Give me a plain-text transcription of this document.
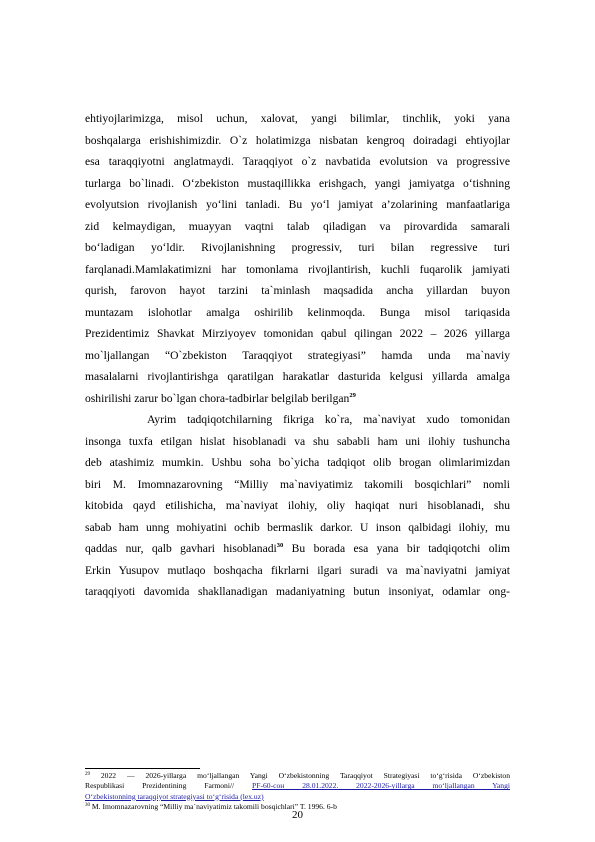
ehtiyojlarimizga, misol uchun, xalovat, yangi bilimlar, tinchlik, yoki yana
boshqalarga erishishimizdir. O`z holatimizga nisbatan kengroq doiradagi ehtiyojlar
esa taraqqiyotni anglatmaydi. Taraqqiyot o`z navbatida evolutsion va progressive
turlarga bo`linadi. O‘zbekiston mustaqillikka erishgach, yangi jamiyatga o‘tishning
evolyutsion rivojlanish yo‘lini tanladi. Bu yo‘l jamiyat a’zolarining manfaatlariga
zid kelmaydigan, muayyan vaqtni talab qiladigan va pirovardida samarali
bo‘ladigan yo‘ldir. Rivojlanishning progressiv, turi bilan regressive turi
farqlanadi.Mamlakatimizni har tomonlama rivojlantirish, kuchli fuqarolik jamiyati
qurish, farovon hayot tarzini ta`minlash maqsadida ancha yillardan buyon
muntazam islohotlar amalga oshirilib kelinmoqda. Bunga misol tariqasida
Prezidentimiz Shavkat Mirziyoyev tomonidan qabul qilingan 2022 – 2026 yillarga
mo`ljallangan “O`zbekiston Taraqqiyot strategiyasi” hamda unda ma`naviy
masalalarni rivojlantirishga qaratilgan harakatlar dasturida kelgusi yillarda amalga
oshirilishi zarur bo`lgan chora-tadbirlar belgilab berilgan$^{29}$
Ayrim tadqiqotchilarning fikriga ko`ra, ma`naviyat xudo tomonidan
insonga tuxfa etilgan hislat hisoblanadi va shu sababli ham uni ilohiy tushuncha
deb atashimiz mumkin. Ushbu soha bo`yicha tadqiqot olib brogan olimlarimizdan
biri M. Imomnazarovning “Milliy ma`naviyatimiz takomili bosqichlari” nomli
kitobida qayd etilishicha, ma`naviyat ilohiy, oliy haqiqat nuri hisoblanadi, shu
sabab ham unng mohiyatini ochib bermaslik darkor. U inson qalbidagi ilohiy, mu
qaddas nur, qalb gavhari hisoblanadi$^{30}$ Bu borada esa yana bir tadqiqotchi olim
Erkin Yusupov mutlaqo boshqacha fikrlarni ilgari suradi va ma`naviyatni jamiyat
taraqqiyoti davomida shakllanadigan madaniyatning butun insoniyat, odamlar ong-
$^{29}$ 2022 — 2026-yillarga mo‘ljallangan Yangi O‘zbekistonning Taraqqiyot Strategiyasi to‘g‘risida O‘zbekiston
Respublikasi Prezidentining Farmoni// PF-60-сон 28.01.2022. 2022-2026-yillarga mo‘ljallangan Yangi
O‘zbekistonning taraqqiyot strategiyasi to‘g‘risida (lex.uz)
$^{30}$ M. Imomnazarovning “Milliy ma`naviyatimiz takomili bosqichlari” T. 1996. 6-b
20
